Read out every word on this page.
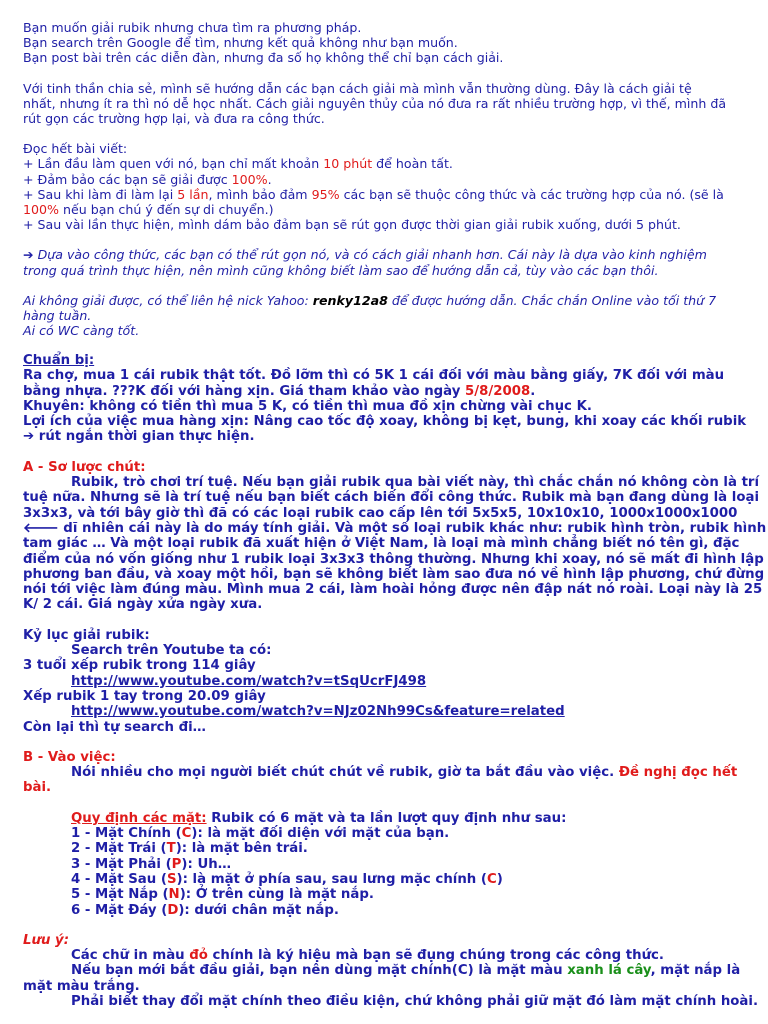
Bạn muốn giải rubik nhưng chưa tìm ra phương pháp.
Bạn search trên Google để tìm, nhưng kết quả không như bạn muốn.
Bạn post bài trên các diễn đàn, nhưng đa số họ không thể chỉ bạn cách giải.
Với tinh thần chia sẻ, mình sẽ hướng dẫn các bạn cách giải mà mình vẫn thường dùng. Đây là cách giải tệ
nhất, nhưng ít ra thì nó dễ học nhất. Cách giải nguyên thủy của nó đưa ra rất nhiều trường hợp, vì thế, mình đã
rút gọn các trường hợp lại, và đưa ra công thức.
Đọc hết bài viết:
+ Lần đầu làm quen với nó, bạn chỉ mất khoản 10 phút để hoàn tất.
+ Đảm bảo các bạn sẽ giải được 100%.
+ Sau khi làm đi làm lại 5 lần, mình bảo đảm 95% các bạn sẽ thuộc công thức và các trường hợp của nó. (sẽ là
100% nếu bạn chú ý đến sự di chuyển.)
+ Sau vài lần thực hiện, mình dám bảo đảm bạn sẽ rút gọn được thời gian giải rubik xuống, dưới 5 phút.
➔ Dựa vào công thức, các bạn có thể rút gọn nó, và có cách giải nhanh hơn. Cái này là dựa vào kinh nghiệm
trong quá trình thực hiện, nên mình cũng không biết làm sao để hướng dẫn cả, tùy vào các bạn thôi.
Ai không giải được, có thể liên hệ nick Yahoo: renky12a8 để được hướng dẫn. Chắc chắn Online vào tối thứ 7
hàng tuần.
Ai có WC càng tốt.
Chuẩn bị:
Ra chợ, mua 1 cái rubik thật tốt. Đồ lỡm thì có 5K 1 cái đối với màu bằng giấy, 7K đối với màu
bằng nhựa. ???K đối với hàng xịn. Giá tham khảo vào ngày 5/8/2008.
Khuyên: không có tiền thì mua 5 K, có tiền thì mua đồ xịn chừng vài chục K.
Lợi ích của việc mua hàng xịn: Nâng cao tốc độ xoay, không bị kẹt, bung, khi xoay các khối rubik
➔ rút ngắn thời gian thực hiện.
A - Sơ lược chút:
Rubik, trò chơi trí tuệ. Nếu bạn giải rubik qua bài viết này, thì chắc chắn nó không còn là trí
tuệ nữa. Nhưng sẽ là trí tuệ nếu bạn biết cách biến đổi công thức. Rubik mà bạn đang dùng là loại
3x3x3, và tới bây giờ thì đã có các loại rubik cao cấp lên tới 5x5x5, 10x10x10, 1000x1000x1000
🡐 dĩ nhiên cái này là do máy tính giải. Và một số loại rubik khác như: rubik hình tròn, rubik hình
tam giác … Và một loại rubik đã xuất hiện ở Việt Nam, là loại mà mình chẳng biết nó tên gì, đặc
điểm của nó vốn giống như 1 rubik loại 3x3x3 thông thường. Nhưng khi xoay, nó sẽ mất đi hình lập
phương ban đầu, và xoay một hồi, bạn sẽ không biết làm sao đưa nó về hình lập phương, chứ đừng
nói tới việc làm đúng màu. Mình mua 2 cái, làm hoài hỏng được nên đập nát nó roài. Loại này là 25
K/ 2 cái. Giá ngày xửa ngày xưa.
Kỷ lục giải rubik:
Search trên Youtube ta có:
3 tuổi xếp rubik trong 114 giây
http://www.youtube.com/watch?v=tSqUcrFJ498
Xếp rubik 1 tay trong 20.09 giây
http://www.youtube.com/watch?v=NJz02Nh99Cs&feature=related
Còn lại thì tự search đi…
B - Vào việc:
Nói nhiều cho mọi người biết chút chút về rubik, giờ ta bắt đầu vào việc. Đề nghị đọc hết
bài.
Quy định các mặt: Rubik có 6 mặt và ta lần lượt quy định như sau:
1 - Mặt Chính (C): là mặt đối diện với mặt của bạn.
2 - Mặt Trái (T): là mặt bên trái.
3 - Mặt Phải (P): Uh…
4 - Mặt Sau (S): là mặt ở phía sau, sau lưng mặc chính (C)
5 - Mặt Nắp (N): Ở trên cùng là mặt nắp.
6 - Mặt Đáy (D): dưới chân mặt nắp.
Lưu ý:
Các chữ in màu đỏ chính là ký hiệu mà bạn sẽ đụng chúng trong các công thức.
Nếu bạn mới bắt đầu giải, bạn nên dùng mặt chính(C) là mặt màu xanh lá cây, mặt nắp là
mặt màu trắng.
Phải biết thay đổi mặt chính theo điều kiện, chứ không phải giữ mặt đó làm mặt chính hoài.
